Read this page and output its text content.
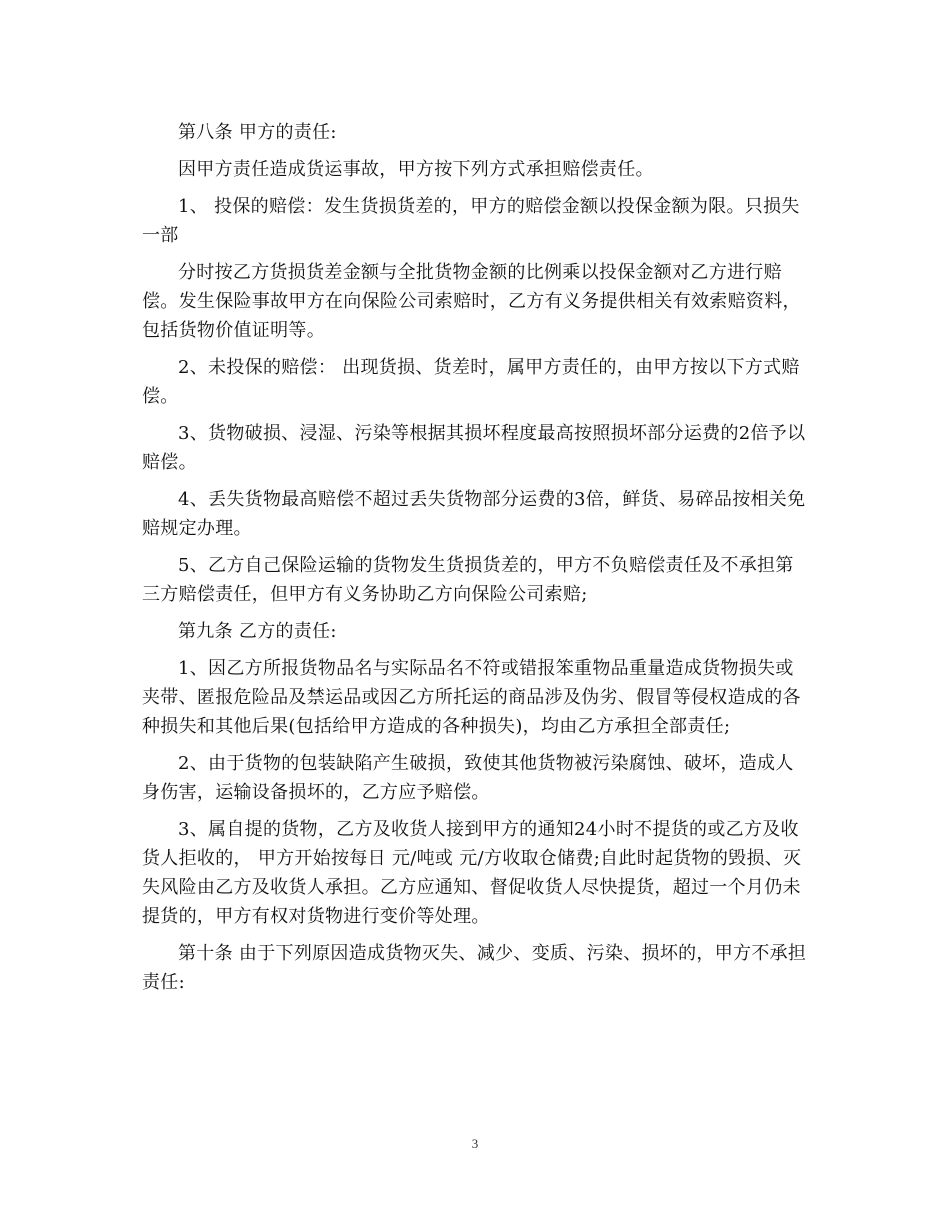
第八条 甲方的责任:

因甲方责任造成货运事故，甲方按下列方式承担赔偿责任。

1、 投保的赔偿：发生货损货差的，甲方的赔偿金额以投保金额为限。只损失一部

分时按乙方货损货差金额与全批货物金额的比例乘以投保金额对乙方进行赔偿。发生保险事故甲方在向保险公司索赔时，乙方有义务提供相关有效索赔资料，包括货物价值证明等。

2、未投保的赔偿： 出现货损、货差时，属甲方责任的，由甲方按以下方式赔偿。

3、货物破损、浸湿、污染等根据其损坏程度最高按照损坏部分运费的2倍予以赔偿。

4、丢失货物最高赔偿不超过丢失货物部分运费的3倍，鲜货、易碎品按相关免赔规定办理。

5、乙方自己保险运输的货物发生货损货差的，甲方不负赔偿责任及不承担第三方赔偿责任，但甲方有义务协助乙方向保险公司索赔;

第九条 乙方的责任:

1、因乙方所报货物品名与实际品名不符或错报笨重物品重量造成货物损失或夹带、匿报危险品及禁运品或因乙方所托运的商品涉及伪劣、假冒等侵权造成的各种损失和其他后果(包括给甲方造成的各种损失)，均由乙方承担全部责任;

2、由于货物的包装缺陷产生破损，致使其他货物被污染腐蚀、破坏，造成人身伤害，运输设备损坏的，乙方应予赔偿。

3、属自提的货物，乙方及收货人接到甲方的通知24小时不提货的或乙方及收货人拒收的， 甲方开始按每日 元/吨或 元/方收取仓储费;自此时起货物的毁损、灭失风险由乙方及收货人承担。乙方应通知、督促收货人尽快提货，超过一个月仍未提货的，甲方有权对货物进行变价等处理。

第十条 由于下列原因造成货物灭失、减少、变质、污染、损坏的，甲方不承担责任:

3
